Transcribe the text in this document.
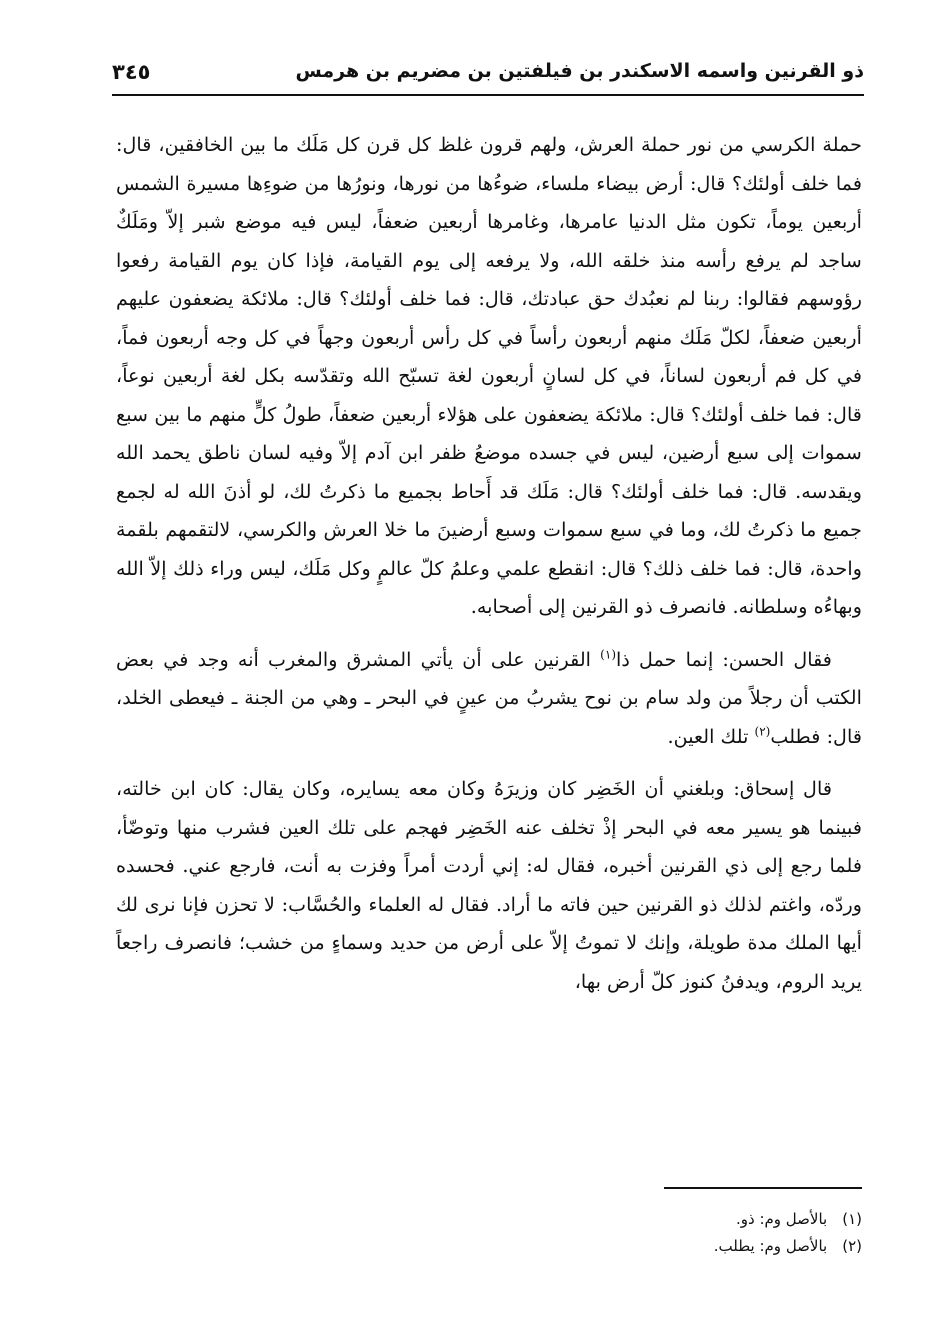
ذو القرنين واسمه الاسكندر بن فيلفتين بن مضريم بن هرمس
٣٤٥

حملة الكرسي من نور حملة العرش، ولهم قرون غلظ كل قرن كل مَلَك ما بين الخافقين، قال: فما خلف أولئك؟ قال: أرض بيضاء ملساء، ضوءُها من نورها، ونورُها من ضوءِها مسيرة الشمس أربعين يوماً، تكون مثل الدنيا عامرها، وغامرها أربعين ضعفاً، ليس فيه موضع شبر إلاّ ومَلَكٌ ساجد لم يرفع رأسه منذ خلقه الله، ولا يرفعه إلى يوم القيامة، فإذا كان يوم القيامة رفعوا رؤوسهم فقالوا: ربنا لم نعبُدك حق عبادتك، قال: فما خلف أولئك؟ قال: ملائكة يضعفون عليهم أربعين ضعفاً، لكلّ مَلَك منهم أربعون رأساً في كل رأس أربعون وجهاً في كل وجه أربعون فماً، في كل فم أربعون لساناً، في كل لسانٍ أربعون لغة تسبّح الله وتقدّسه بكل لغة أربعين نوعاً، قال: فما خلف أولئك؟ قال: ملائكة يضعفون على هؤلاء أربعين ضعفاً، طولُ كلٍّ منهم ما بين سبع سموات إلى سبع أرضين، ليس في جسده موضعُ ظفر ابن آدم إلاّ وفيه لسان ناطق يحمد الله ويقدسه. قال: فما خلف أولئك؟ قال: مَلَك قد أَحاط بجميع ما ذكرتُ لك، لو أذنَ الله له لجمع جميع ما ذكرتُ لك، وما في سبع سموات وسبع أرضينَ ما خلا العرش والكرسي، لالتقمهم بلقمة واحدة، قال: فما خلف ذلك؟ قال: انقطع علمي وعلمُ كلّ عالمٍ وكل مَلَك، ليس وراء ذلك إلاّ الله وبهاءُه وسلطانه. فانصرف ذو القرنين إلى أصحابه.

فقال الحسن: إنما حمل ذا$^{(١)}$ القرنين على أن يأتي المشرق والمغرب أنه وجد في بعض الكتب أن رجلاً من ولد سام بن نوح يشربُ من عينٍ في البحر ـ وهي من الجنة ـ فيعطى الخلد، قال: فطلب$^{(٢)}$ تلك العين.

قال إسحاق: وبلغني أن الخَضِر كان وزيرَهُ وكان معه يسايره، وكان يقال: كان ابن خالته، فبينما هو يسير معه في البحر إذْ تخلف عنه الخَضِر فهجم على تلك العين فشرب منها وتوضّأ، فلما رجع إلى ذي القرنين أخبره، فقال له: إني أردت أمراً وفزت به أنت، فارجع عني. فحسده وردّه، واغتم لذلك ذو القرنين حين فاته ما أراد. فقال له العلماء والحُسَّاب: لا تحزن فإنا نرى لك أيها الملك مدة طويلة، وإنك لا تموتُ إلاّ على أرض من حديد وسماءٍ من خشب؛ فانصرف راجعاً يريد الروم، ويدفنُ كنوز كلّ أرض بها،

(١) بالأصل وم: ذو.
(٢) بالأصل وم: يطلب.
